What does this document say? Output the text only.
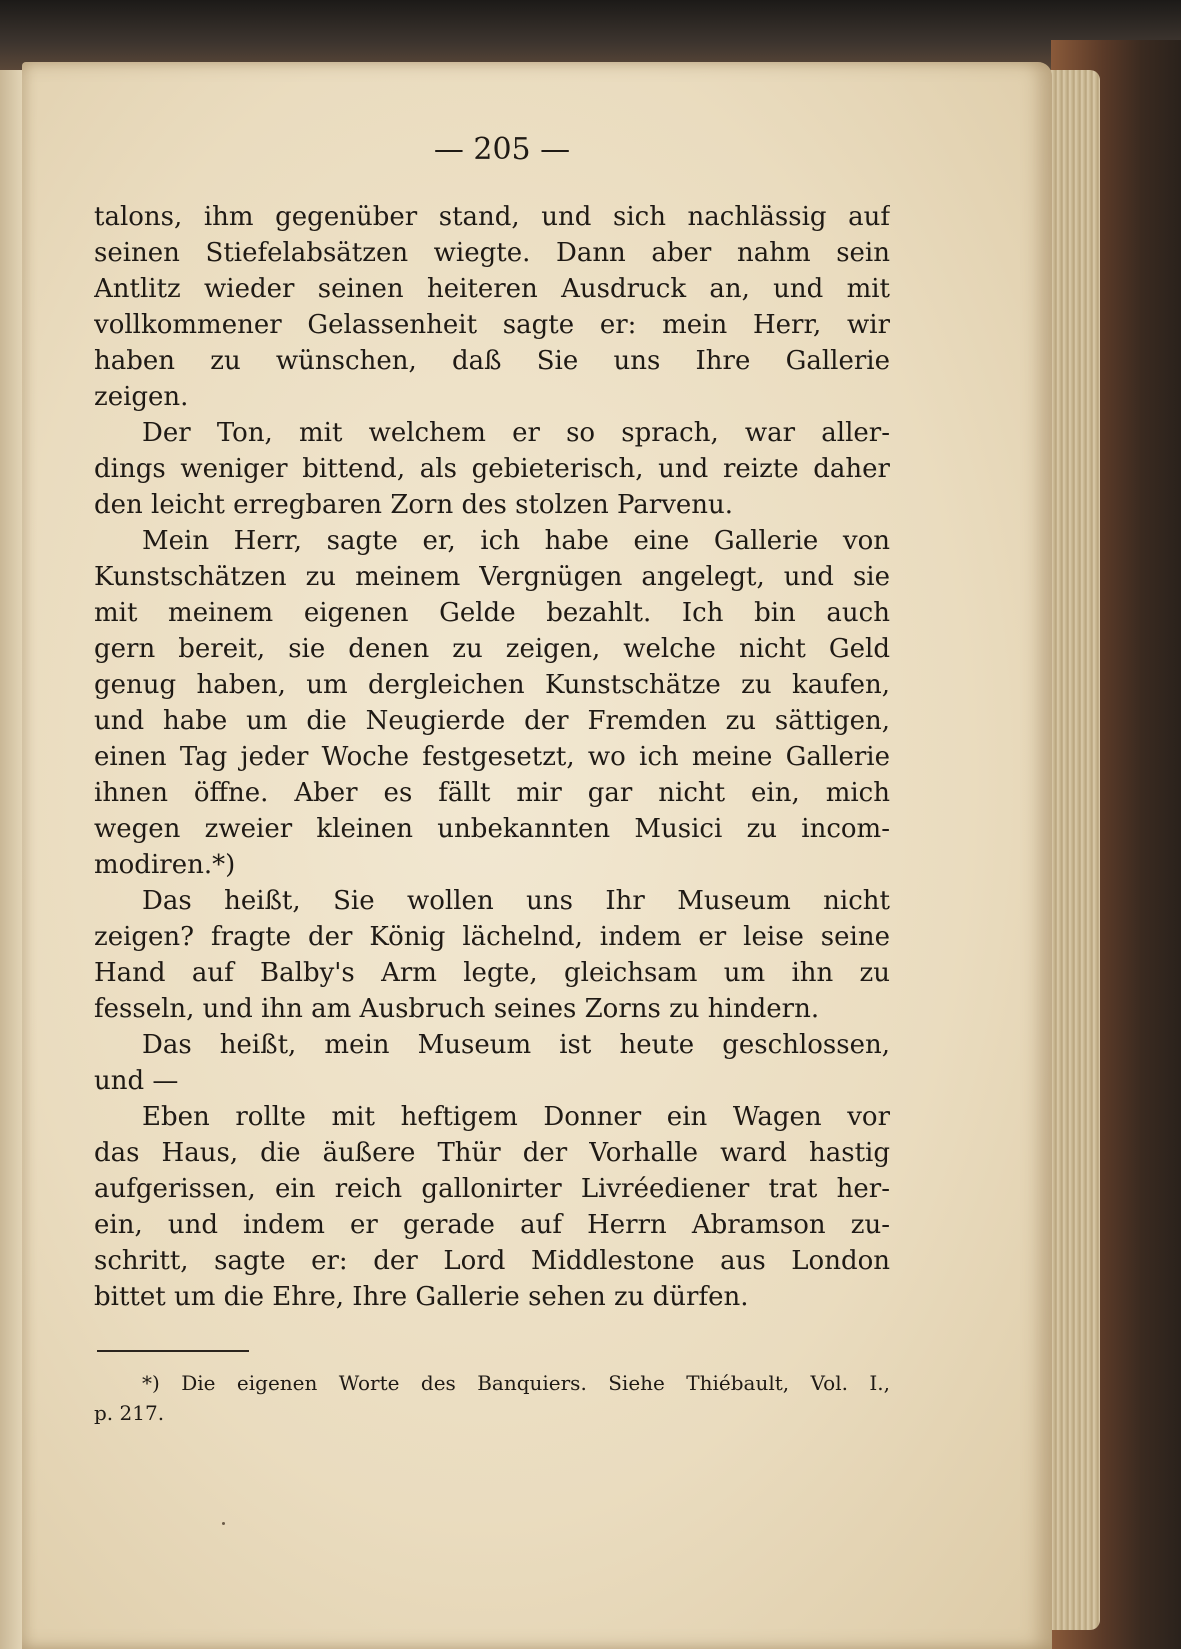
— 205 —
talons, ihm gegenüber stand, und sich nachlässig auf
seinen Stiefelabsätzen wiegte. Dann aber nahm sein
Antlitz wieder seinen heiteren Ausdruck an, und mit
vollkommener Gelassenheit sagte er: mein Herr, wir
haben zu wünschen, daß Sie uns Ihre Gallerie
zeigen.
Der Ton, mit welchem er so sprach, war aller-
dings weniger bittend, als gebieterisch, und reizte daher
den leicht erregbaren Zorn des stolzen Parvenu.
Mein Herr, sagte er, ich habe eine Gallerie von
Kunstschätzen zu meinem Vergnügen angelegt, und sie
mit meinem eigenen Gelde bezahlt. Ich bin auch
gern bereit, sie denen zu zeigen, welche nicht Geld
genug haben, um dergleichen Kunstschätze zu kaufen,
und habe um die Neugierde der Fremden zu sättigen,
einen Tag jeder Woche festgesetzt, wo ich meine Gallerie
ihnen öffne. Aber es fällt mir gar nicht ein, mich
wegen zweier kleinen unbekannten Musici zu incom-
modiren.*)
Das heißt, Sie wollen uns Ihr Museum nicht
zeigen? fragte der König lächelnd, indem er leise seine
Hand auf Balby's Arm legte, gleichsam um ihn zu
fesseln, und ihn am Ausbruch seines Zorns zu hindern.
Das heißt, mein Museum ist heute geschlossen,
und —
Eben rollte mit heftigem Donner ein Wagen vor
das Haus, die äußere Thür der Vorhalle ward hastig
aufgerissen, ein reich gallonirter Livréediener trat her-
ein, und indem er gerade auf Herrn Abramson zu-
schritt, sagte er: der Lord Middlestone aus London
bittet um die Ehre, Ihre Gallerie sehen zu dürfen.
*) Die eigenen Worte des Banquiers. Siehe Thiébault, Vol. I.,
p. 217.
